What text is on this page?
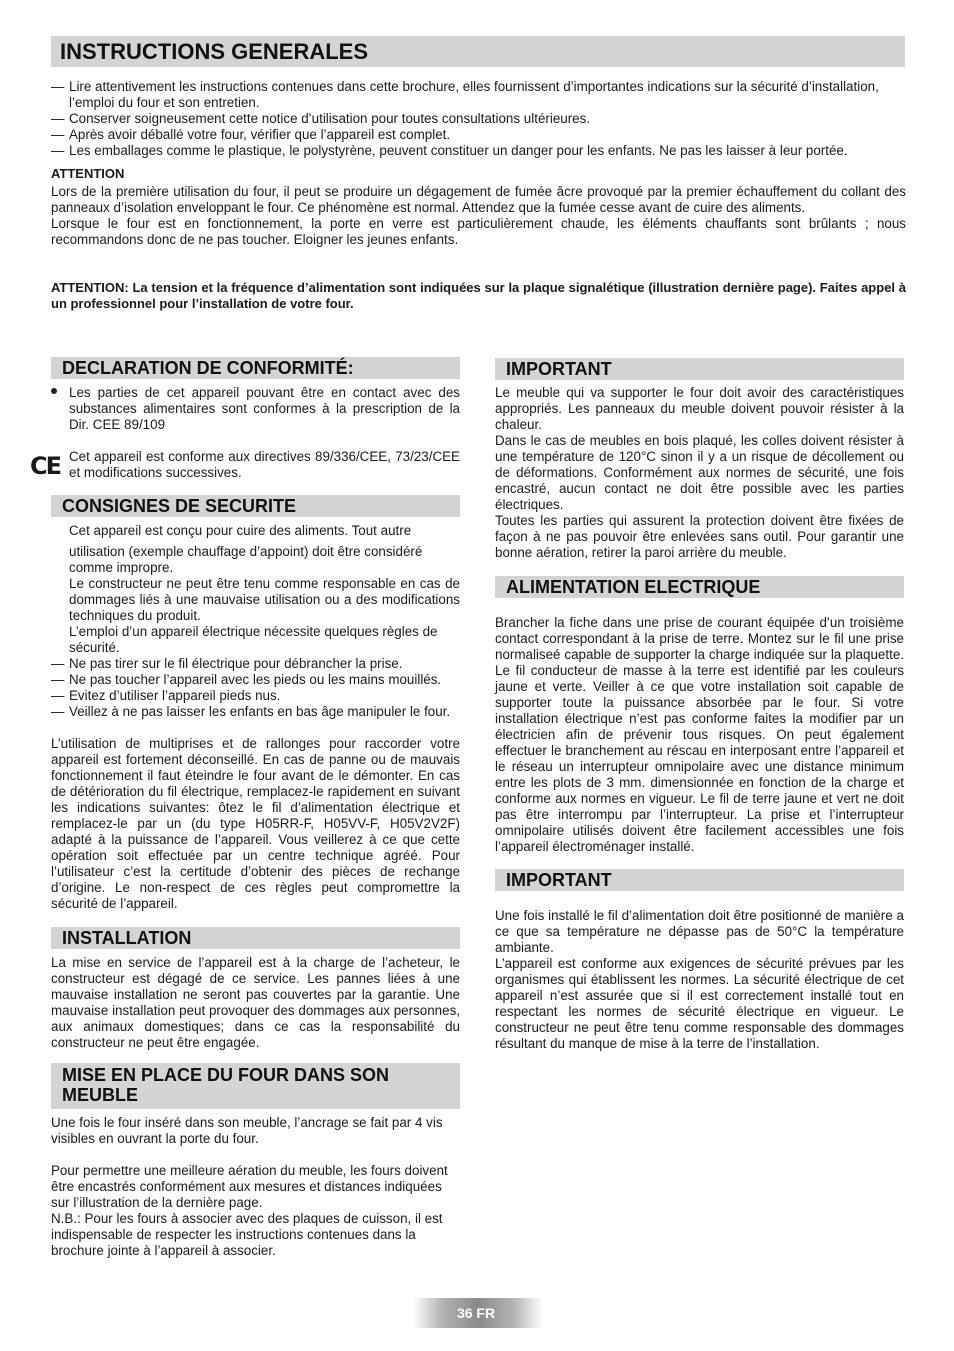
INSTRUCTIONS GENERALES
— Lire attentivement les instructions contenues dans cette brochure, elles fournissent d’importantes indications sur la sécurité d’installation, l’emploi du four et son entretien.
— Conserver soigneusement cette notice d’utilisation pour toutes consultations ultérieures.
— Après avoir déballé votre four, vérifier que l’appareil est complet.
— Les emballages comme le plastique, le polystyrène, peuvent constituer un danger pour les enfants. Ne pas les laisser à leur portée.
ATTENTION

Lors de la première utilisation du four, il peut se produire un dégagement de fumée âcre provoqué par la premier échauffement du collant des panneaux d’isolation enveloppant le four. Ce phénomène est normal. Attendez que la fumée cesse avant de cuire des aliments.

Lorsque le four est en fonctionnement, la porte en verre est particulièrement chaude, les éléments chauffants sont brûlants ; nous recommandons donc de ne pas toucher. Eloigner les jeunes enfants.

ATTENTION: La tension et la fréquence d’alimentation sont indiquées sur la plaque signalétique (illustration dernière page). Faites appel à un professionnel pour l’installation de votre four.
DECLARATION DE CONFORMITÉ:
Les parties de cet appareil pouvant être en contact avec des substances alimentaires sont conformes à la prescription de la Dir. CEE 89/109
CE Cet appareil est conforme aux directives 89/336/CEE, 73/23/CEE et modifications successives.
CONSIGNES DE SECURITE
Cet appareil est conçu pour cuire des aliments. Tout autre

utilisation (exemple chauffage d’appoint) doit être considéré comme impropre.

Le constructeur ne peut être tenu comme responsable en cas de dommages liés à une mauvaise utilisation ou a des modifications techniques du produit.

L’emploi d’un appareil électrique nécessite quelques règles de sécurité.

— Ne pas tirer sur le fil électrique pour débrancher la prise.
— Ne pas toucher l’appareil avec les pieds ou les mains mouillés.
— Evitez d’utiliser l’appareil pieds nus.
— Veillez à ne pas laisser les enfants en bas âge manipuler le four.
L’utilisation de multiprises et de rallonges pour raccorder votre appareil est fortement déconseillé. En cas de panne ou de mauvais fonctionnement il faut éteindre le four avant de le démonter. En cas de détérioration du fil électrique, remplacez-le rapidement en suivant les indications suivantes: ôtez le fil d’alimentation électrique et remplacez-le par un (du type H05RR-F, H05VV-F, H05V2V2F) adapté à la puissance de l’appareil. Vous veillerez à ce que cette opération soit effectuée par un centre technique agréé. Pour l’utilisateur c’est la certitude d’obtenir des pièces de rechange d’origine. Le non-respect de ces règles peut compromettre la sécurité de l’appareil.
INSTALLATION
La mise en service de l’appareil est à la charge de l’acheteur, le constructeur est dégagé de ce service. Les pannes liées à une mauvaise installation ne seront pas couvertes par la garantie. Une mauvaise installation peut provoquer des dommages aux personnes, aux animaux domestiques; dans ce cas la responsabilité du constructeur ne peut être engagée.
MISE EN PLACE DU FOUR DANS SON MEUBLE

Une fois le four inséré dans son meuble, l’ancrage se fait par 4 vis visibles en ouvrant la porte du four.

Pour permettre une meilleure aération du meuble, les fours doivent être encastrés conformément aux mesures et distances indiquées sur l’illustration de la dernière page.

N.B.: Pour les fours à associer avec des plaques de cuisson, il est indispensable de respecter les instructions contenues dans la brochure jointe à l’appareil à associer.

IMPORTANT

Le meuble qui va supporter le four doit avoir des caractéristiques appropriés. Les panneaux du meuble doivent pouvoir résister à la chaleur.

Dans le cas de meubles en bois plaqué, les colles doivent résister à une température de 120°C sinon il y a un risque de décollement ou de déformations. Conformément aux normes de sécurité, une fois encastré, aucun contact ne doit être possible avec les parties électriques.

Toutes les parties qui assurent la protection doivent être fixées de façon à ne pas pouvoir être enlevées sans outil. Pour garantir une bonne aération, retirer la paroi arrière du meuble.

ALIMENTATION ELECTRIQUE
Brancher la fiche dans une prise de courant équipée d’un troisième contact correspondant à la prise de terre. Montez sur le fil une prise normaliseé capable de supporter la charge indiquée sur la plaquette. Le fil conducteur de masse à la terre est identifié par les couleurs jaune et verte. Veiller à ce que votre installation soit capable de supporter toute la puissance absorbée par le four. Si votre installation électrique n’est pas conforme faites la modifier par un électricien afin de prévenir tous risques. On peut également effectuer le branchement au réscau en interposant entre l’appareil et le réseau un interrupteur omnipolaire avec une distance minimum entre les plots de 3 mm. dimensionnée en fonction de la charge et conforme aux normes en vigueur. Le fil de terre jaune et vert ne doit pas être interrompu par l’interrupteur. La prise et l’interrupteur omnipolaire utilisés doivent être facilement accessibles une fois l’appareil électroménager installé.
IMPORTANT

Une fois installé le fil d’alimentation doit être positionné de manière a ce que sa température ne dépasse pas de 50°C la température ambiante.

L’appareil est conforme aux exigences de sécurité prévues par les organismes qui établissent les normes. La sécurité électrique de cet appareil n’est assurée que si il est correctement installé tout en respectant les normes de sécurité électrique en vigueur. Le constructeur ne peut être tenu comme responsable des dommages résultant du manque de mise à la terre de l’installation.

36 FR
